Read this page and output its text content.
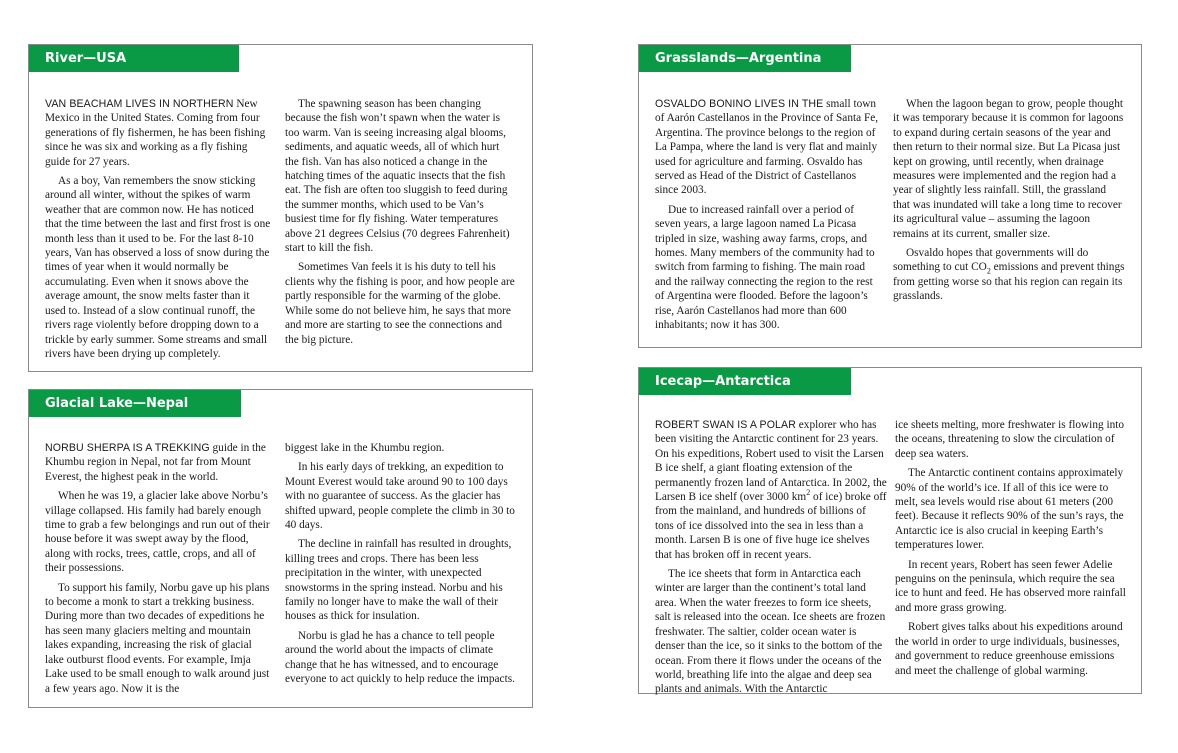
River—USA

VAN BEACHAM LIVES IN NORTHERN New Mexico in the United States. Coming from four generations of fly fishermen, he has been fishing since he was six and working as a fly fishing guide for 27 years.

As a boy, Van remembers the snow sticking around all winter, without the spikes of warm weather that are common now. He has noticed that the time between the last and first frost is one month less than it used to be. For the last 8-10 years, Van has observed a loss of snow during the times of year when it would normally be accumulating. Even when it snows above the average amount, the snow melts faster than it used to. Instead of a slow continual runoff, the rivers rage violently before dropping down to a trickle by early summer. Some streams and small rivers have been drying up completely.

The spawning season has been changing because the fish won’t spawn when the water is too warm. Van is seeing increasing algal blooms, sediments, and aquatic weeds, all of which hurt the fish. Van has also noticed a change in the hatching times of the aquatic insects that the fish eat. The fish are often too sluggish to feed during the summer months, which used to be Van’s busiest time for fly fishing. Water temperatures above 21 degrees Celsius (70 degrees Fahrenheit) start to kill the fish.

Sometimes Van feels it is his duty to tell his clients why the fishing is poor, and how people are partly responsible for the warming of the globe. While some do not believe him, he says that more and more are starting to see the connections and the big picture.

Glacial Lake—Nepal

NORBU SHERPA IS A TREKKING guide in the Khumbu region in Nepal, not far from Mount Everest, the highest peak in the world.

When he was 19, a glacier lake above Norbu’s village collapsed. His family had barely enough time to grab a few belongings and run out of their house before it was swept away by the flood, along with rocks, trees, cattle, crops, and all of their possessions.

To support his family, Norbu gave up his plans to become a monk to start a trekking business. During more than two decades of expeditions he has seen many glaciers melting and mountain lakes expanding, increasing the risk of glacial lake outburst flood events. For example, Imja Lake used to be small enough to walk around just a few years ago. Now it is the

biggest lake in the Khumbu region.

In his early days of trekking, an expedition to Mount Everest would take around 90 to 100 days with no guarantee of success. As the glacier has shifted upward, people complete the climb in 30 to 40 days.

The decline in rainfall has resulted in droughts, killing trees and crops. There has been less precipitation in the winter, with unexpected snowstorms in the spring instead. Norbu and his family no longer have to make the wall of their houses as thick for insulation.

Norbu is glad he has a chance to tell people around the world about the impacts of climate change that he has witnessed, and to encourage everyone to act quickly to help reduce the impacts.

Grasslands—Argentina

OSVALDO BONINO LIVES IN THE small town of Aarón Castellanos in the Province of Santa Fe, Argentina. The province belongs to the region of La Pampa, where the land is very flat and mainly used for agriculture and farming. Osvaldo has served as Head of the District of Castellanos since 2003.

Due to increased rainfall over a period of seven years, a large lagoon named La Picasa tripled in size, washing away farms, crops, and homes. Many members of the community had to switch from farming to fishing. The main road and the railway connecting the region to the rest of Argentina were flooded. Before the lagoon’s rise, Aarón Castellanos had more than 600 inhabitants; now it has 300.

When the lagoon began to grow, people thought it was temporary because it is common for lagoons to expand during certain seasons of the year and then return to their normal size. But La Picasa just kept on growing, until recently, when drainage measures were implemented and the region had a year of slightly less rainfall. Still, the grassland that was inundated will take a long time to recover its agricultural value – assuming the lagoon remains at its current, smaller size.

Osvaldo hopes that governments will do something to cut $CO_2$ emissions and prevent things from getting worse so that his region can regain its grasslands.

Icecap—Antarctica

ROBERT SWAN IS A POLAR explorer who has been visiting the Antarctic continent for 23 years. On his expeditions, Robert used to visit the Larsen B ice shelf, a giant floating extension of the permanently frozen land of Antarctica. In 2002, the Larsen B ice shelf (over 3000 $km^2$ of ice) broke off from the mainland, and hundreds of billions of tons of ice dissolved into the sea in less than a month. Larsen B is one of five huge ice shelves that has broken off in recent years.

The ice sheets that form in Antarctica each winter are larger than the continent’s total land area. When the water freezes to form ice sheets, salt is released into the ocean. Ice sheets are frozen freshwater. The saltier, colder ocean water is denser than the ice, so it sinks to the bottom of the ocean. From there it flows under the oceans of the world, breathing life into the algae and deep sea plants and animals. With the Antarctic

ice sheets melting, more freshwater is flowing into the oceans, threatening to slow the circulation of deep sea waters.

The Antarctic continent contains approximately 90% of the world’s ice. If all of this ice were to melt, sea levels would rise about 61 meters (200 feet). Because it reflects 90% of the sun’s rays, the Antarctic ice is also crucial in keeping Earth’s temperatures lower.

In recent years, Robert has seen fewer Adelie penguins on the peninsula, which require the sea ice to hunt and feed. He has observed more rainfall and more grass growing.

Robert gives talks about his expeditions around the world in order to urge individuals, businesses, and government to reduce greenhouse emissions and meet the challenge of global warming.
